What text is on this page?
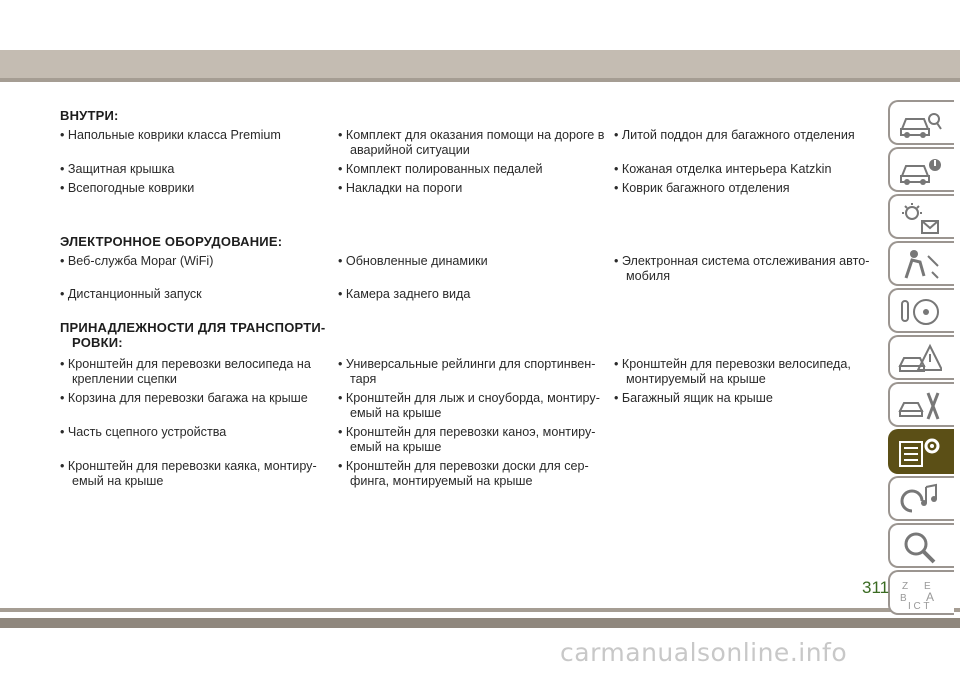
ВНУТРИ:
• Напольные коврики класса Premium
• Защитная крышка
• Всепогодные коврики
• Комплект для оказания помощи на дороге в
аварийной ситуации
• Комплект полированных педалей
• Накладки на пороги
• Литой поддон для багажного отделения
• Кожаная отделка интерьера Katzkin
• Коврик багажного отделения
ЭЛЕКТРОННОЕ ОБОРУДОВАНИЕ:
• Веб-служба Mopar (WiFi)
• Дистанционный запуск
• Обновленные динамики
• Камера заднего вида
• Электронная система отслеживания авто-
мобиля
ПРИНАДЛЕЖНОСТИ ДЛЯ ТРАНСПОРТИ-
РОВКИ:
• Кронштейн для перевозки велосипеда на
креплении сцепки
• Корзина для перевозки багажа на крыше
• Часть сцепного устройства
• Кронштейн для перевозки каяка, монтиру-
емый на крыше
• Универсальные рейлинги для спортинвен-
таря
• Кронштейн для лыж и сноуборда, монтиру-
емый на крыше
• Кронштейн для перевозки каноэ, монтиру-
емый на крыше
• Кронштейн для перевозки доски для сер-
финга, монтируемый на крыше
• Кронштейн для перевозки велосипеда,
монтируемый на крыше
• Багажный ящик на крыше
Z E
B A
I C T
311
carmanualsonline.info
